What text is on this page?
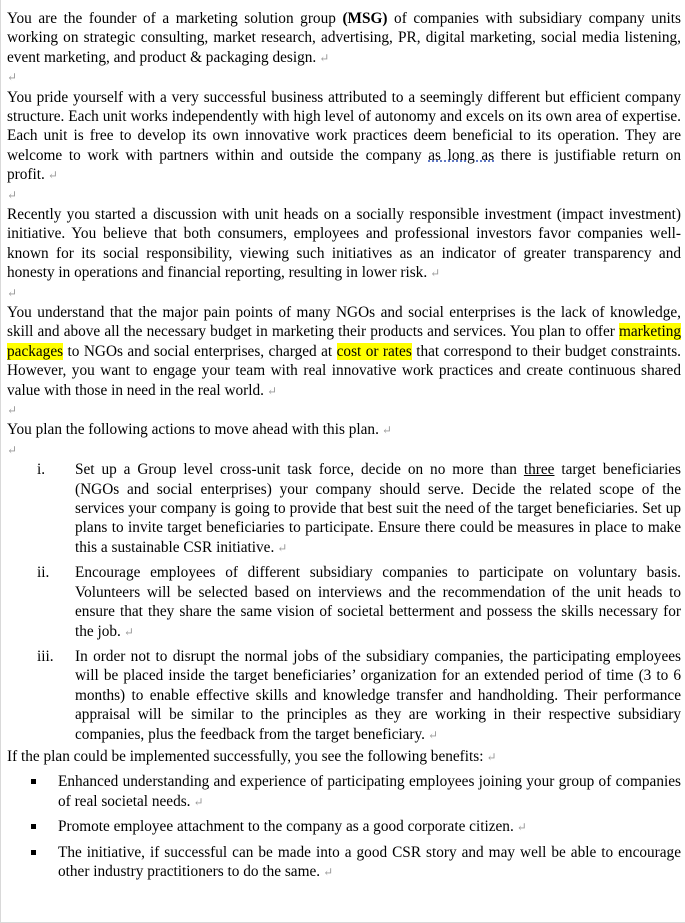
You are the founder of a marketing solution group (MSG) of companies with subsidiary company units working on strategic consulting, market research, advertising, PR, digital marketing, social media listening, event marketing, and product & packaging design. ↵

↵

You pride yourself with a very successful business attributed to a seemingly different but efficient company structure. Each unit works independently with high level of autonomy and excels on its own area of expertise. Each unit is free to develop its own innovative work practices deem beneficial to its operation. They are welcome to work with partners within and outside the company as long as there is justifiable return on profit. ↵

↵

Recently you started a discussion with unit heads on a socially responsible investment (impact investment) initiative. You believe that both consumers, employees and professional investors favor companies well-known for its social responsibility, viewing such initiatives as an indicator of greater transparency and honesty in operations and financial reporting, resulting in lower risk. ↵

↵

You understand that the major pain points of many NGOs and social enterprises is the lack of knowledge, skill and above all the necessary budget in marketing their products and services. You plan to offer marketing packages to NGOs and social enterprises, charged at cost or rates that correspond to their budget constraints. However, you want to engage your team with real innovative work practices and create continuous shared value with those in need in the real world. ↵

↵

You plan the following actions to move ahead with this plan. ↵

↵
i. Set up a Group level cross-unit task force, decide on no more than three target beneficiaries (NGOs and social enterprises) your company should serve. Decide the related scope of the services your company is going to provide that best suit the need of the target beneficiaries. Set up plans to invite target beneficiaries to participate. Ensure there could be measures in place to make this a sustainable CSR initiative. ↵
ii. Encourage employees of different subsidiary companies to participate on voluntary basis. Volunteers will be selected based on interviews and the recommendation of the unit heads to ensure that they share the same vision of societal betterment and possess the skills necessary for the job. ↵
iii. In order not to disrupt the normal jobs of the subsidiary companies, the participating employees will be placed inside the target beneficiaries’ organization for an extended period of time (3 to 6 months) to enable effective skills and knowledge transfer and handholding. Their performance appraisal will be similar to the principles as they are working in their respective subsidiary companies, plus the feedback from the target beneficiary. ↵

If the plan could be implemented successfully, you see the following benefits: ↵

Enhanced understanding and experience of participating employees joining your group of companies of real societal needs. ↵
Promote employee attachment to the company as a good corporate citizen. ↵
The initiative, if successful can be made into a good CSR story and may well be able to encourage other industry practitioners to do the same. ↵
